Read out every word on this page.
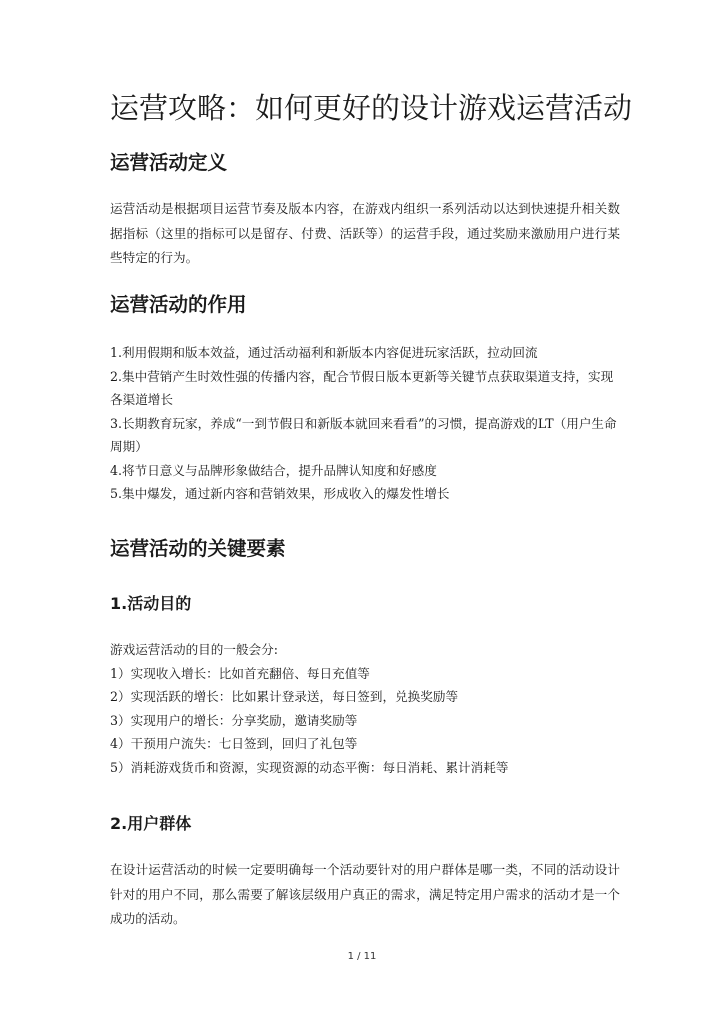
运营攻略：如何更好的设计游戏运营活动
运营活动定义

运营活动是根据项目运营节奏及版本内容，在游戏内组织一系列活动以达到快速提升相关数据指标（这里的指标可以是留存、付费、活跃等）的运营手段，通过奖励来激励用户进行某些特定的行为。

运营活动的作用
1.利用假期和版本效益，通过活动福利和新版本内容促进玩家活跃，拉动回流
2.集中营销产生时效性强的传播内容，配合节假日版本更新等关键节点获取渠道支持，实现各渠道增长
3.长期教育玩家，养成“一到节假日和新版本就回来看看”的习惯，提高游戏的LT（用户生命周期）
4.将节日意义与品牌形象做结合，提升品牌认知度和好感度
5.集中爆发，通过新内容和营销效果，形成收入的爆发性增长
运营活动的关键要素
1.活动目的
游戏运营活动的目的一般会分:
1）实现收入增长：比如首充翻倍、每日充值等
2）实现活跃的增长：比如累计登录送，每日签到，兑换奖励等
3）实现用户的增长：分享奖励，邀请奖励等
4）干预用户流失：七日签到，回归了礼包等
5）消耗游戏货币和资源，实现资源的动态平衡：每日消耗、累计消耗等
2.用户群体

在设计运营活动的时候一定要明确每一个活动要针对的用户群体是哪一类，不同的活动设计针对的用户不同，那么需要了解该层级用户真正的需求，满足特定用户需求的活动才是一个成功的活动。

1 / 11
